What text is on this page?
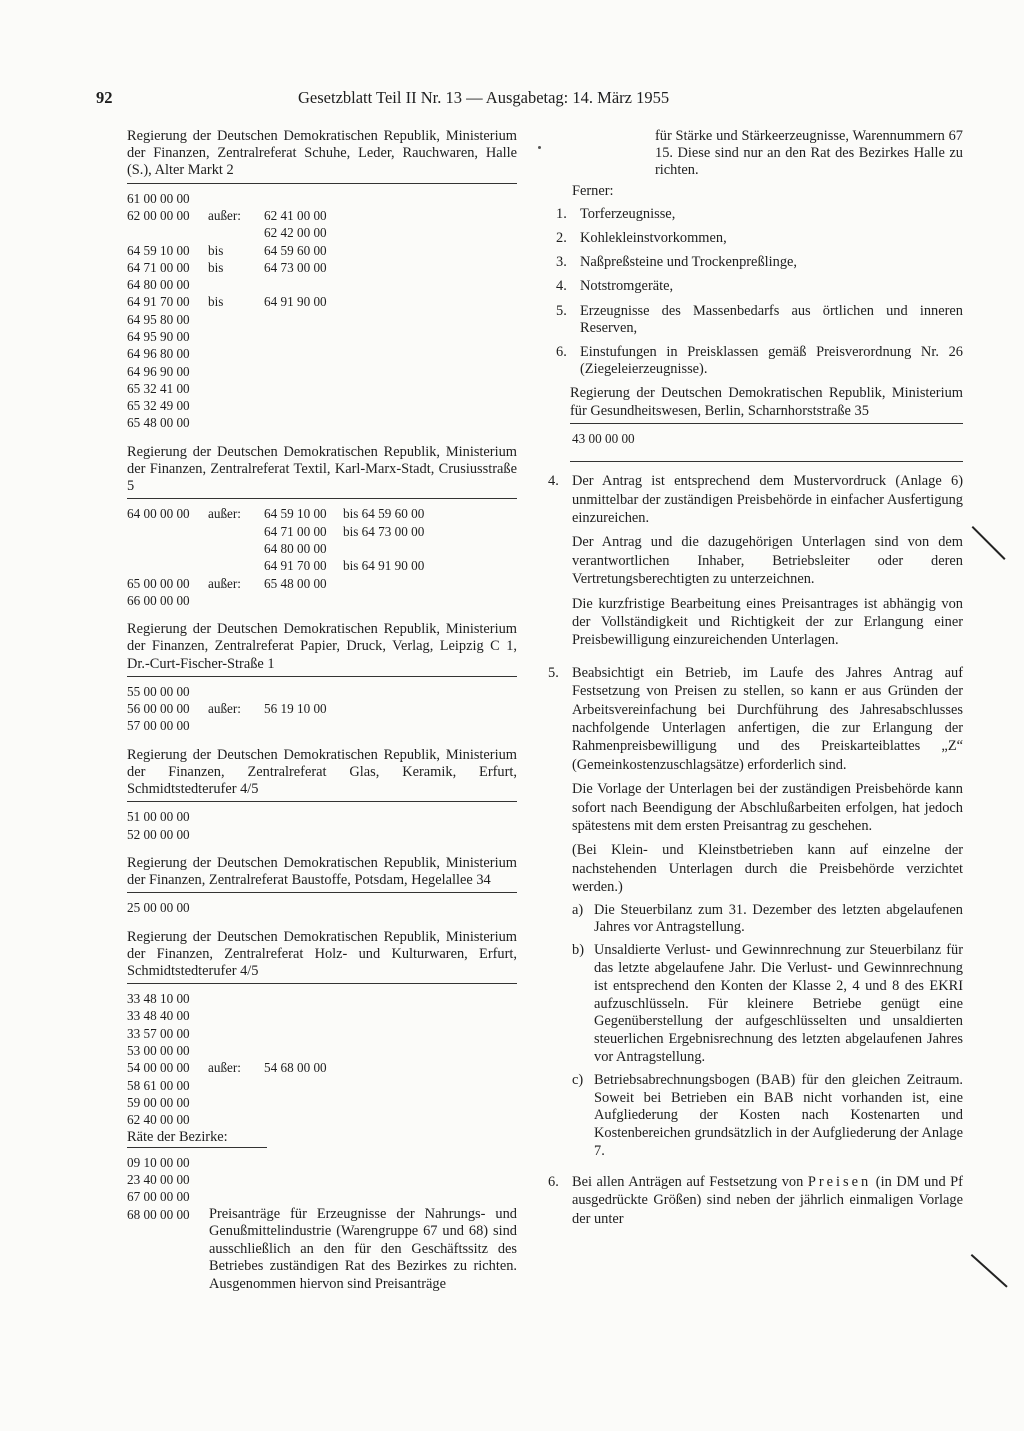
92	Gesetzblatt Teil II Nr. 13 — Ausgabetag: 14. März 1955

Regierung der Deutschen Demokratischen Republik, Ministerium der Finanzen, Zentralreferat Schuhe, Leder, Rauchwaren, Halle (S.), Alter Markt 2

61 00 00 00
62 00 00 00 außer: 62 41 00 00
62 42 00 00
64 59 10 00 bis	64 59 60 00
64 71 00 00 bis	64 73 00 00
64 80 00 00
64 91 70 00 bis	64 91 90 00
64 95 80 00
64 95 90 00
64 96 80 00
64 96 90 00
65 32 41 00
65 32 49 00
65 48 00 00

Regierung der Deutschen Demokratischen Republik, Ministerium der Finanzen, Zentralreferat Textil, Karl-Marx-Stadt, Crusiusstraße 5

64 00 00 00 außer: 64 59 10 00 bis 64 59 60 00
64 71 00 00 bis 64 73 00 00
64 80 00 00
64 91 70 00 bis 64 91 90 00
65 00 00 00 außer: 65 48 00 00
66 00 00 00

Regierung der Deutschen Demokratischen Republik, Ministerium der Finanzen, Zentralreferat Papier, Druck, Verlag, Leipzig C 1, Dr.-Curt-Fischer-Straße 1

55 00 00 00
56 00 00 00 außer: 56 19 10 00
57 00 00 00

Regierung der Deutschen Demokratischen Republik, Ministerium der Finanzen, Zentralreferat Glas, Keramik, Erfurt, Schmidtstedterufer 4/5

51 00 00 00
52 00 00 00

Regierung der Deutschen Demokratischen Republik, Ministerium der Finanzen, Zentralreferat Baustoffe, Potsdam, Hegelallee 34

25 00 00 00

Regierung der Deutschen Demokratischen Republik, Ministerium der Finanzen, Zentralreferat Holz- und Kulturwaren, Erfurt, Schmidtstedterufer 4/5

33 48 10 00
33 48 40 00
33 57 00 00
53 00 00 00
54 00 00 00 außer: 54 68 00 00
58 61 00 00
59 00 00 00
62 40 00 00
Räte der Bezirke:
09 10 00 00
23 40 00 00
67 00 00 00
68 00 00 00 Preisanträge für Erzeugnisse der Nahrungs- und Genußmittelindustrie (Warengruppe 67 und 68) sind ausschließlich an den für den Geschäftssitz des Betriebes zuständigen Rat des Bezirkes zu richten. Ausgenommen hiervon sind Preisanträge
für Stärke und Stärkeerzeugnisse, Warennummern 67 15. Diese sind nur an den Rat des Bezirkes Halle zu richten.
Ferner:
1. Torferzeugnisse,
2. Kohlekleinstvorkommen,
3. Naßpreßsteine und Trockenpreßlinge,
4. Notstromgeräte,
5. Erzeugnisse des Massenbedarfs aus örtlichen und inneren Reserven,
6. Einstufungen in Preisklassen gemäß Preisverordnung Nr. 26 (Ziegeleierzeugnisse).

Regierung der Deutschen Demokratischen Republik, Ministerium für Gesundheitswesen, Berlin, Scharnhorststraße 35

43 00 00 00
4. Der Antrag ist entsprechend dem Mustervordruck (Anlage 6) unmittelbar der zuständigen Preisbehörde in einfacher Ausfertigung einzureichen.
Der Antrag und die dazugehörigen Unterlagen sind von dem verantwortlichen Inhaber, Betriebsleiter oder deren Vertretungsberechtigten zu unterzeichnen.
Die kurzfristige Bearbeitung eines Preisantrages ist abhängig von der Vollständigkeit und Richtigkeit der zur Erlangung einer Preisbewilligung einzureichenden Unterlagen.
5. Beabsichtigt ein Betrieb, im Laufe des Jahres Antrag auf Festsetzung von Preisen zu stellen, so kann er aus Gründen der Arbeitsvereinfachung bei Durchführung des Jahresabschlusses nachfolgende Unterlagen anfertigen, die zur Erlangung der Rahmenpreisbewilligung und des Preiskarteiblattes „Z“ (Gemeinkostenzuschlagsätze) erforderlich sind.
Die Vorlage der Unterlagen bei der zuständigen Preisbehörde kann sofort nach Beendigung der Abschlußarbeiten erfolgen, hat jedoch spätestens mit dem ersten Preisantrag zu geschehen.
(Bei Klein- und Kleinstbetrieben kann auf einzelne der nachstehenden Unterlagen durch die Preisbehörde verzichtet werden.)
a) Die Steuerbilanz zum 31. Dezember des letzten abgelaufenen Jahres vor Antragstellung.
b) Unsaldierte Verlust- und Gewinnrechnung zur Steuerbilanz für das letzte abgelaufene Jahr. Die Verlust- und Gewinnrechnung ist entsprechend den Konten der Klasse 2, 4 und 8 des EKRI aufzuschlüsseln. Für kleinere Betriebe genügt eine Gegenüberstellung der aufgeschlüsselten und unsaldierten steuerlichen Ergebnisrechnung des letzten abgelaufenen Jahres vor Antragstellung.
c) Betriebsabrechnungsbogen (BAB) für den gleichen Zeitraum. Soweit bei Betrieben ein BAB nicht vorhanden ist, eine Aufgliederung der Kosten nach Kostenarten und Kostenbereichen grundsätzlich in der Aufgliederung der Anlage 7.
6. Bei allen Anträgen auf Festsetzung von Preisen (in DM und Pf ausgedrückte Größen) sind neben der jährlich einmaligen Vorlage der unter
